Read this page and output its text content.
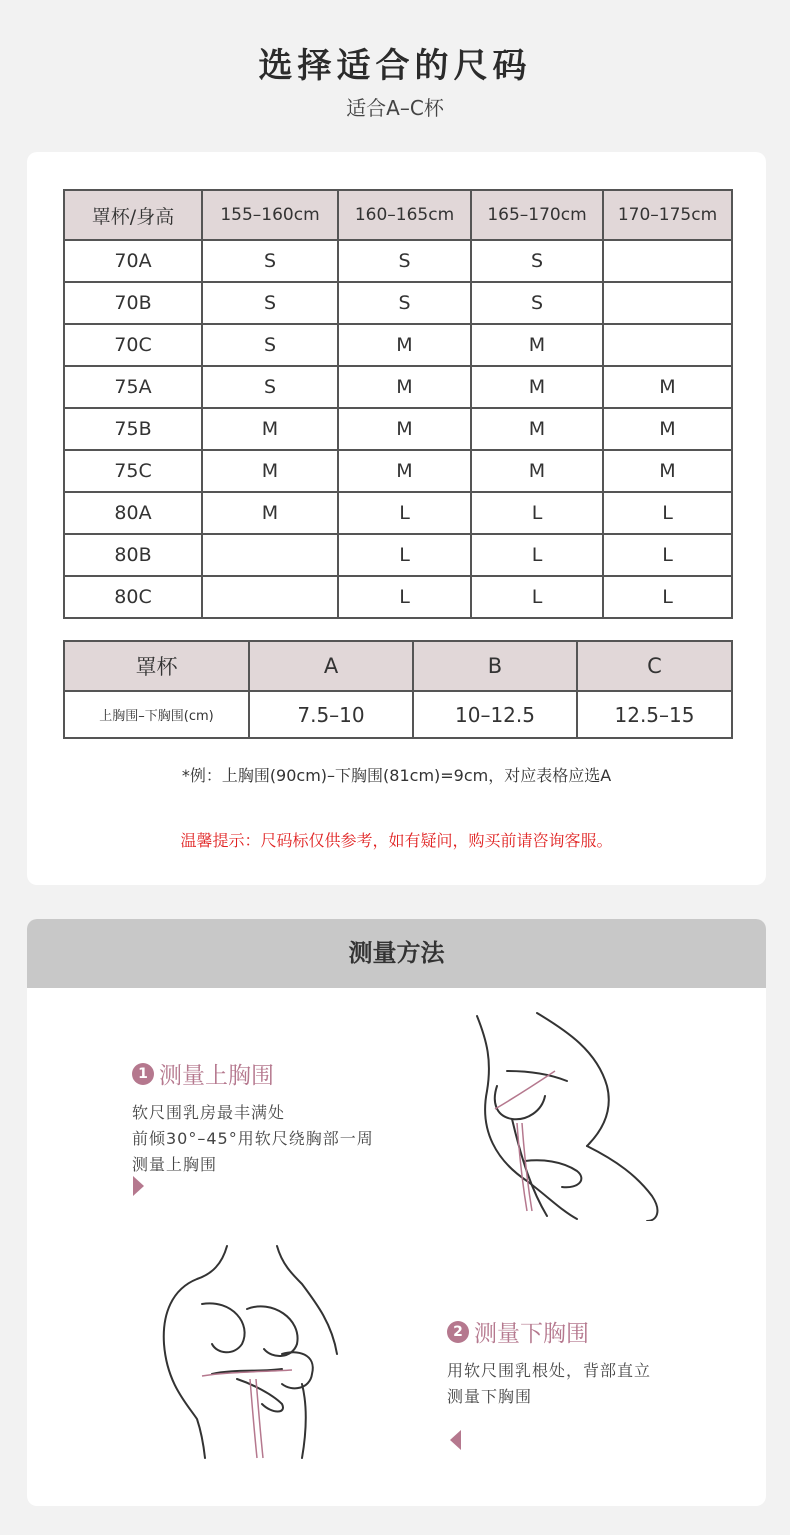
选择适合的尺码
适合A–C杯
罩杯/身高	155–160cm	160–165cm	165–170cm	170–175cm
70A	S	S	S	
70B	S	S	S	
70C	S	M	M	
75A	S	M	M	M
75B	M	M	M	M
75C	M	M	M	M
80A	M	L	L	L
80B		L	L	L
80C		L	L	L
罩杯	A	B	C
上胸围–下胸围(cm)	7.5–10	10–12.5	12.5–15
*例：上胸围(90cm)–下胸围(81cm)=9cm，对应表格应选A
温馨提示：尺码标仅供参考，如有疑问，购买前请咨询客服。
测量方法
1 测量上胸围
软尺围乳房最丰满处
前倾30°–45°用软尺绕胸部一周
测量上胸围
2 测量下胸围
用软尺围乳根处，背部直立
测量下胸围
